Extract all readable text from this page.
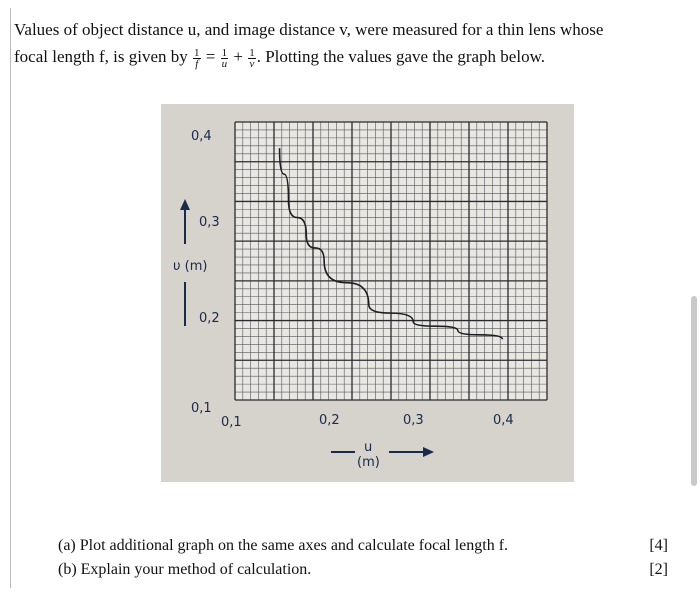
Values of object distance u, and image distance v, were measured for a thin lens whose
focal length f, is given by $\frac{1}{f} = \frac{1}{u} + \frac{1}{v}$ . Plotting the values gave the graph below.
0,4
0,3
0,2
0,1
υ (m)
0,1	0,2	0,3	0,4
u
(m)
(a) Plot additional graph on the same axes and calculate focal length f.	[4]
(b) Explain your method of calculation.	[2]
